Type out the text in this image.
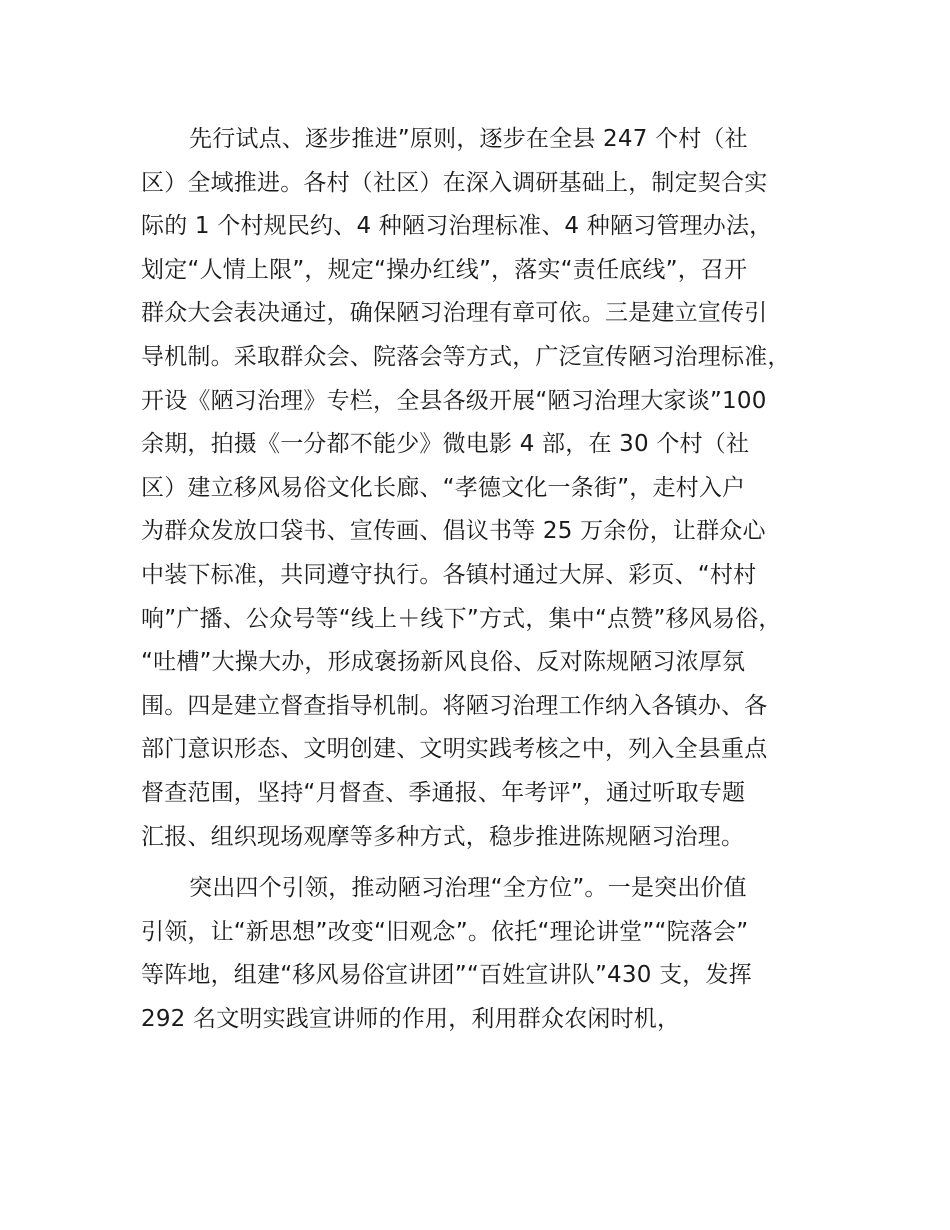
先行试点、逐步推进”原则，逐步在全县 247 个村（社
区）全域推进。各村（社区）在深入调研基础上，制定契合实
际的 1 个村规民约、4 种陋习治理标准、4 种陋习管理办法，
划定“人情上限”，规定“操办红线”，落实“责任底线”，召开
群众大会表决通过，确保陋习治理有章可依。三是建立宣传引
导机制。采取群众会、院落会等方式，广泛宣传陋习治理标准，
开设《陋习治理》专栏，全县各级开展“陋习治理大家谈”100
余期，拍摄《一分都不能少》微电影 4 部，在 30 个村（社
区）建立移风易俗文化长廊、“孝德文化一条街”，走村入户
为群众发放口袋书、宣传画、倡议书等 25 万余份，让群众心
中装下标准，共同遵守执行。各镇村通过大屏、彩页、“村村
响”广播、公众号等“线上＋线下”方式，集中“点赞”移风易俗，
“吐槽”大操大办，形成褒扬新风良俗、反对陈规陋习浓厚氛
围。四是建立督查指导机制。将陋习治理工作纳入各镇办、各
部门意识形态、文明创建、文明实践考核之中，列入全县重点
督查范围，坚持“月督查、季通报、年考评”，通过听取专题
汇报、组织现场观摩等多种方式，稳步推进陈规陋习治理。
突出四个引领，推动陋习治理“全方位”。一是突出价值
引领，让“新思想”改变“旧观念”。依托“理论讲堂”“院落会”
等阵地，组建“移风易俗宣讲团”“百姓宣讲队”430 支，发挥
292 名文明实践宣讲师的作用，利用群众农闲时机，
